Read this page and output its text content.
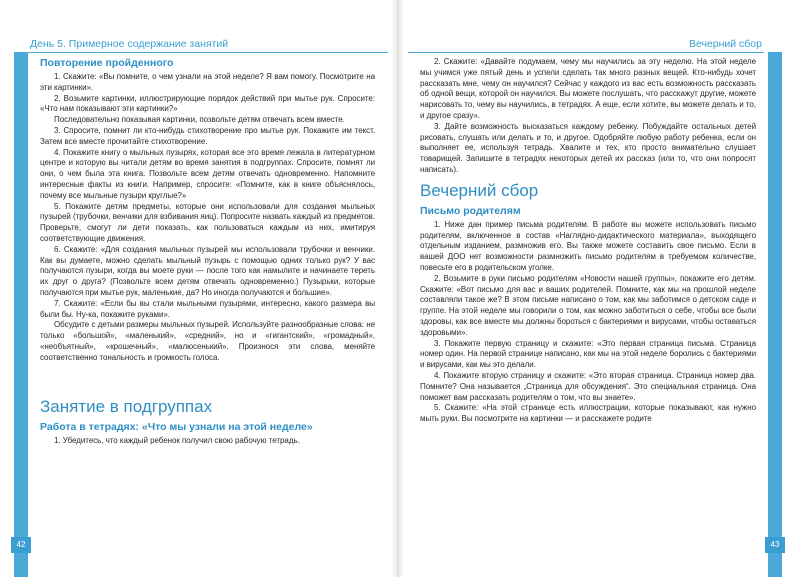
День 5. Примерное содержание занятий
Повторение пройденного

1. Скажите: «Вы помните, о чем узнали на этой неделе? Я вам помогу. Посмотрите на эти картинки».

2. Возьмите картинки, иллюстрирующие порядок действий при мытье рук. Спросите: «Что нам показывают эти картинки?»

Последовательно показывая картинки, позвольте детям отвечать всем вместе.

3. Спросите, помнит ли кто-нибудь стихотворение про мытье рук. Покажите им текст. Затем все вместе прочитайте стихотворение.

4. Покажите книгу о мыльных пузырях, которая все это время лежала в литературном центре и которую вы читали детям во время занятия в подгруппах. Спросите, помнят ли они, о чем была эта книга. Позвольте всем детям отвечать одновременно. Напомните интересные факты из книги. Например, спросите: «Помните, как в книге объяснялось, почему все мыльные пузыри круглые?»

5. Покажите детям предметы, которые они использовали для создания мыльных пузырей (трубочки, венчики для взбивания яиц). Попросите назвать каждый из предметов. Проверьте, смогут ли дети показать, как пользоваться каждым из них, имитируя соответствующие движения.

6. Скажите: «Для создания мыльных пузырей мы использовали трубочки и венчики. Как вы думаете, можно сделать мыльный пузырь с помощью одних только рук? У вас получаются пузыри, когда вы моете руки — после того как намылите и начинаете тереть их друг о друга? (Позвольте всем детям отвечать одновременно.) Пузырьки, которые получаются при мытье рук, маленькие, да? Но иногда получаются и большие».

7. Скажите: «Если бы вы стали мыльными пузырями, интересно, какого размера вы были бы. Ну-ка, покажите руками».

Обсудите с детьми размеры мыльных пузырей. Используйте разнообразные слова: не только «большой», «маленький», «средний», но и «гигантский», «громадный», «необъятный», «крошечный», «малюсенький». Произнося эти слова, меняйте соответственно тональность и громкость голоса.

Занятие в подгруппах
Работа в тетрадях: «Что мы узнали на этой неделе»

1. Убедитесь, что каждый ребенок получил свою рабочую тетрадь.

42
Вечерний сбор

2. Скажите: «Давайте подумаем, чему мы научились за эту неделю. На этой неделе мы учимся уже пятый день и успели сделать так много разных вещей. Кто-нибудь хочет рассказать мне, чему он научился? Сейчас у каждого из вас есть возможность рассказать об одной вещи, которой он научился. Вы можете послушать, что расскажут другие, можете нарисовать то, чему вы научились, в тетрадях. А еще, если хотите, вы можете делать и то, и другое сразу».

3. Дайте возможность высказаться каждому ребенку. Побуждайте остальных детей рисовать, слушать или делать и то, и другое. Одобряйте любую работу ребенка, если он выполняет ее, используя тетрадь. Хвалите и тех, кто просто внимательно слушает товарищей. Запишите в тетрадях некоторых детей их рассказ (или то, что они попросят написать).

Вечерний сбор
Письмо родителям

1. Ниже дан пример письма родителям. В работе вы можете использовать письмо родителям, включенное в состав «Наглядно-дидактического материала», выходящего отдельным изданием, размножив его. Вы также можете составить свое письмо. Если в вашей ДОО нет возможности размножить письмо родителям в требуемом количестве, повесьте его в родительском уголке.

2. Возьмите в руки письмо родителям «Новости нашей группы», покажите его детям. Скажите: «Вот письмо для вас и ваших родителей. Помните, как мы на прошлой неделе составляли такое же? В этом письме написано о том, как мы заботимся о детском саде и группе. На этой неделе мы говорили о том, как можно заботиться о себе, чтобы все были здоровы, как все вместе мы должны бороться с бактериями и вирусами, чтобы оставаться здоровыми».

3. Покажите первую страницу и скажите: «Это первая страница письма. Страница номер один. На первой странице написано, как мы на этой неделе боролись с бактериями и вирусами, как мы это делали.

4. Покажите вторую страницу и скажите: «Это вторая страница. Страница номер два. Помните? Она называется „Страница для обсуждения“. Это специальная страница. Она поможет вам рассказать родителям о том, что вы знаете».

5. Скажите: «На этой странице есть иллюстрации, которые показывают, как нужно мыть руки. Вы посмотрите на картинки — и расскажете родите

43
